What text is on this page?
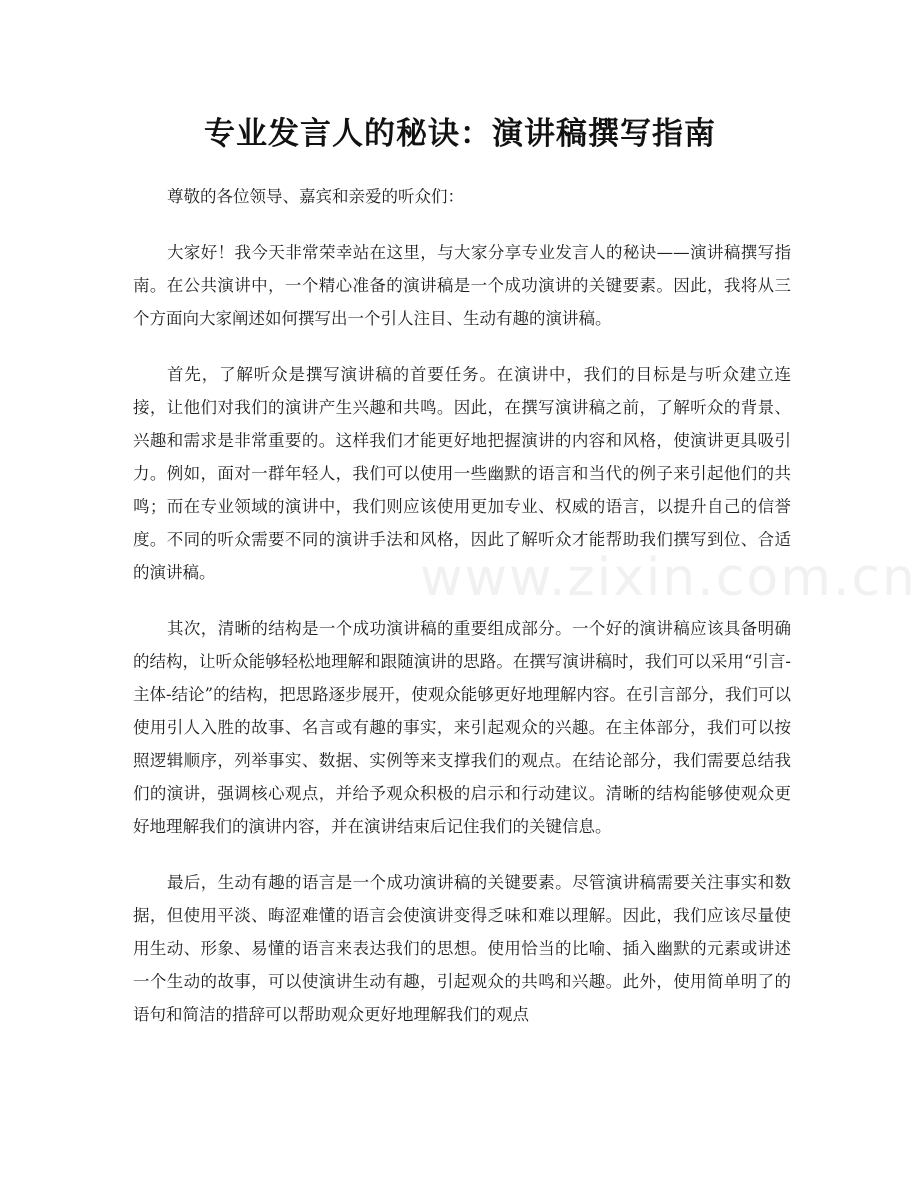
专业发言人的秘诀：演讲稿撰写指南

尊敬的各位领导、嘉宾和亲爱的听众们：

大家好！我今天非常荣幸站在这里，与大家分享专业发言人的秘诀——演讲稿撰写指南。在公共演讲中，一个精心准备的演讲稿是一个成功演讲的关键要素。因此，我将从三个方面向大家阐述如何撰写出一个引人注目、生动有趣的演讲稿。

首先，了解听众是撰写演讲稿的首要任务。在演讲中，我们的目标是与听众建立连接，让他们对我们的演讲产生兴趣和共鸣。因此，在撰写演讲稿之前，了解听众的背景、兴趣和需求是非常重要的。这样我们才能更好地把握演讲的内容和风格，使演讲更具吸引力。例如，面对一群年轻人，我们可以使用一些幽默的语言和当代的例子来引起他们的共鸣；而在专业领域的演讲中，我们则应该使用更加专业、权威的语言，以提升自己的信誉度。不同的听众需要不同的演讲手法和风格，因此了解听众才能帮助我们撰写到位、合适的演讲稿。

其次，清晰的结构是一个成功演讲稿的重要组成部分。一个好的演讲稿应该具备明确的结构，让听众能够轻松地理解和跟随演讲的思路。在撰写演讲稿时，我们可以采用“引言-主体-结论”的结构，把思路逐步展开，使观众能够更好地理解内容。在引言部分，我们可以使用引人入胜的故事、名言或有趣的事实，来引起观众的兴趣。在主体部分，我们可以按照逻辑顺序，列举事实、数据、实例等来支撑我们的观点。在结论部分，我们需要总结我们的演讲，强调核心观点，并给予观众积极的启示和行动建议。清晰的结构能够使观众更好地理解我们的演讲内容，并在演讲结束后记住我们的关键信息。

最后，生动有趣的语言是一个成功演讲稿的关键要素。尽管演讲稿需要关注事实和数据，但使用平淡、晦涩难懂的语言会使演讲变得乏味和难以理解。因此，我们应该尽量使用生动、形象、易懂的语言来表达我们的思想。使用恰当的比喻、插入幽默的元素或讲述一个生动的故事，可以使演讲生动有趣，引起观众的共鸣和兴趣。此外，使用简单明了的语句和简洁的措辞可以帮助观众更好地理解我们的观点

www.zixin.com.cn
